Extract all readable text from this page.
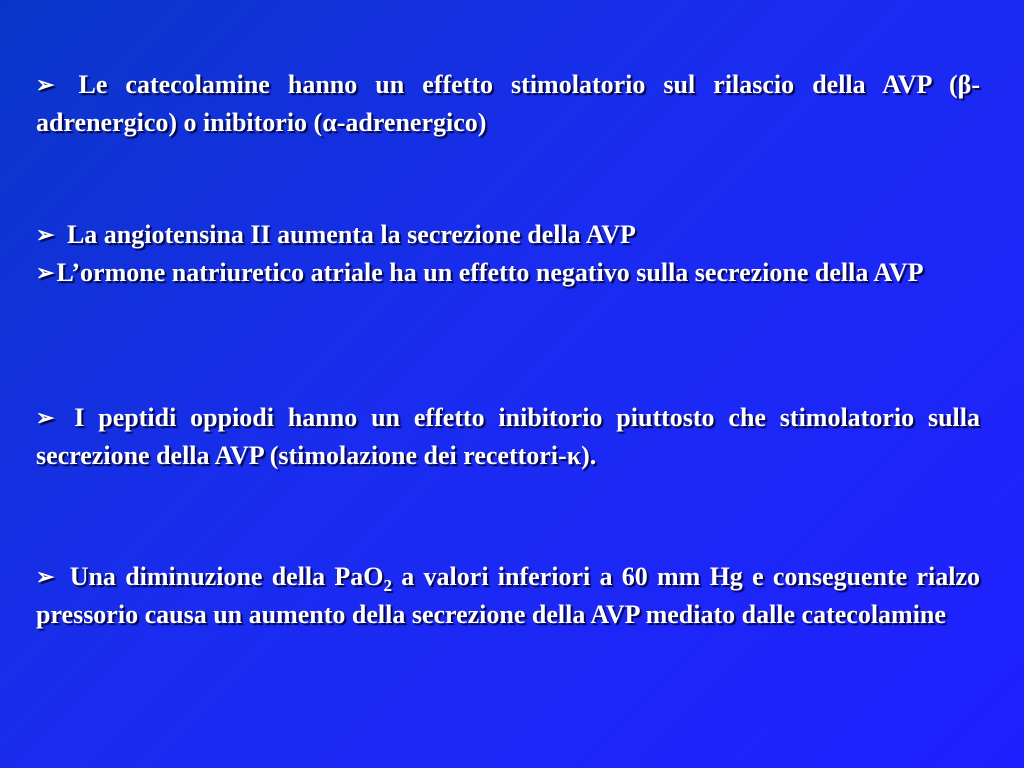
➢ Le catecolamine hanno un effetto stimolatorio sul rilascio della AVP (β-adrenergico) o inibitorio (α-adrenergico)
➢ La angiotensina II aumenta la secrezione della AVP
➢L’ormone natriuretico atriale ha un effetto negativo sulla secrezione della AVP
➢ I peptidi oppiodi hanno un effetto inibitorio piuttosto che stimolatorio sulla secrezione della AVP (stimolazione dei recettori-κ).
➢ Una diminuzione della PaO$_2$ a valori inferiori a 60 mm Hg e conseguente rialzo pressorio causa un aumento della secrezione della AVP mediato dalle catecolamine
